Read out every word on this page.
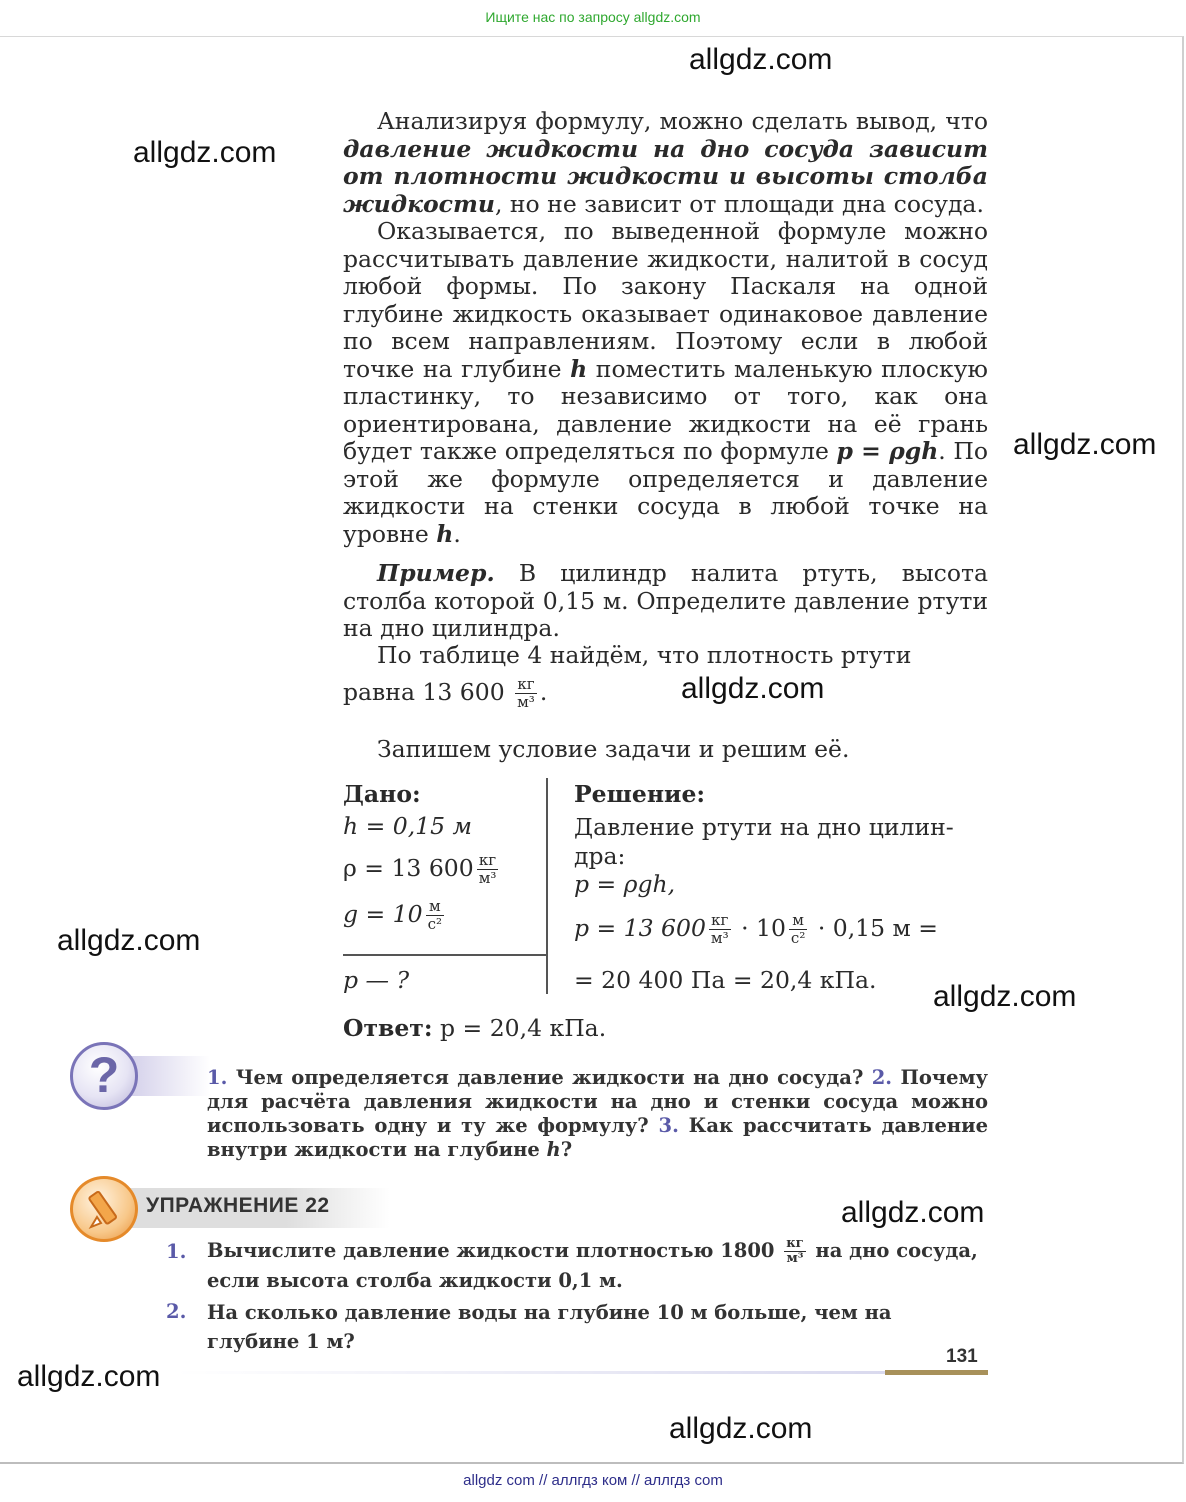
Ищите нас по запросу allgdz.com
allgdz.com
allgdz.com
allgdz.com
allgdz.com
allgdz.com
allgdz.com
allgdz.com
allgdz.com
allgdz.com
Анализируя формулу, можно сделать вывод, что давление жидкости на дно сосуда зависит от плотности жидкости и высоты столба жидкости, но не зависит от площади дна сосуда.
Оказывается, по выведенной формуле можно рассчитывать давление жидкости, налитой в сосуд любой формы. По закону Паскаля на одной глубине жидкость оказывает одинаковое давление по всем направлениям. Поэтому если в любой точке на глубине h поместить маленькую плоскую пластинку, то независимо от того, как она ориентирована, давление жидкости на её грань будет также определяться по формуле p = ρgh. По этой же формуле определяется и давление жидкости на стенки сосуда в любой точке на уровне h.
Пример. В цилиндр налита ртуть, высота столба которой 0,15 м. Определите давление ртути на дно цилиндра.
По таблице 4 найдём, что плотность ртути
равна 13 $600 \frac{кг}{\text{м³}}$ .
Запишем условие задачи и решим её.
Дано:
h = 0,15 м
ρ = 13 $600 \frac{кг}{\text{м³}}$
$g = 10 \frac{м}{\text{с²}}$
p — ?
Решение:
Давление ртути на дно цилин-
дра:
p = ρgh,
p = 13 $600 \frac{кг}{\text{м³}} \cdot 10 \frac{м}{\text{с²}} \cdot 0,15$ м =
= 20 400 Па = 20,4 кПа.
Ответ: p = 20,4 кПа.
?	1. Чем определяется давление жидкости на дно сосуда? 2. Почему для расчёта давления жидкости на дно и стенки сосуда можно использовать одну и ту же формулу? 3. Как рассчитать давление внутри жидкости на глубине h?
УПРАЖНЕНИЕ 22
1. Вычислите давление жидкости плотностью $1800 \frac{кг}{\text{м³}}$ на дно сосуда, если высота столба жидкости 0,1 м.
2. На сколько давление воды на глубине 10 м больше, чем на глубине 1 м?
131
allgdz com // аллгдз ком // аллгдз com
